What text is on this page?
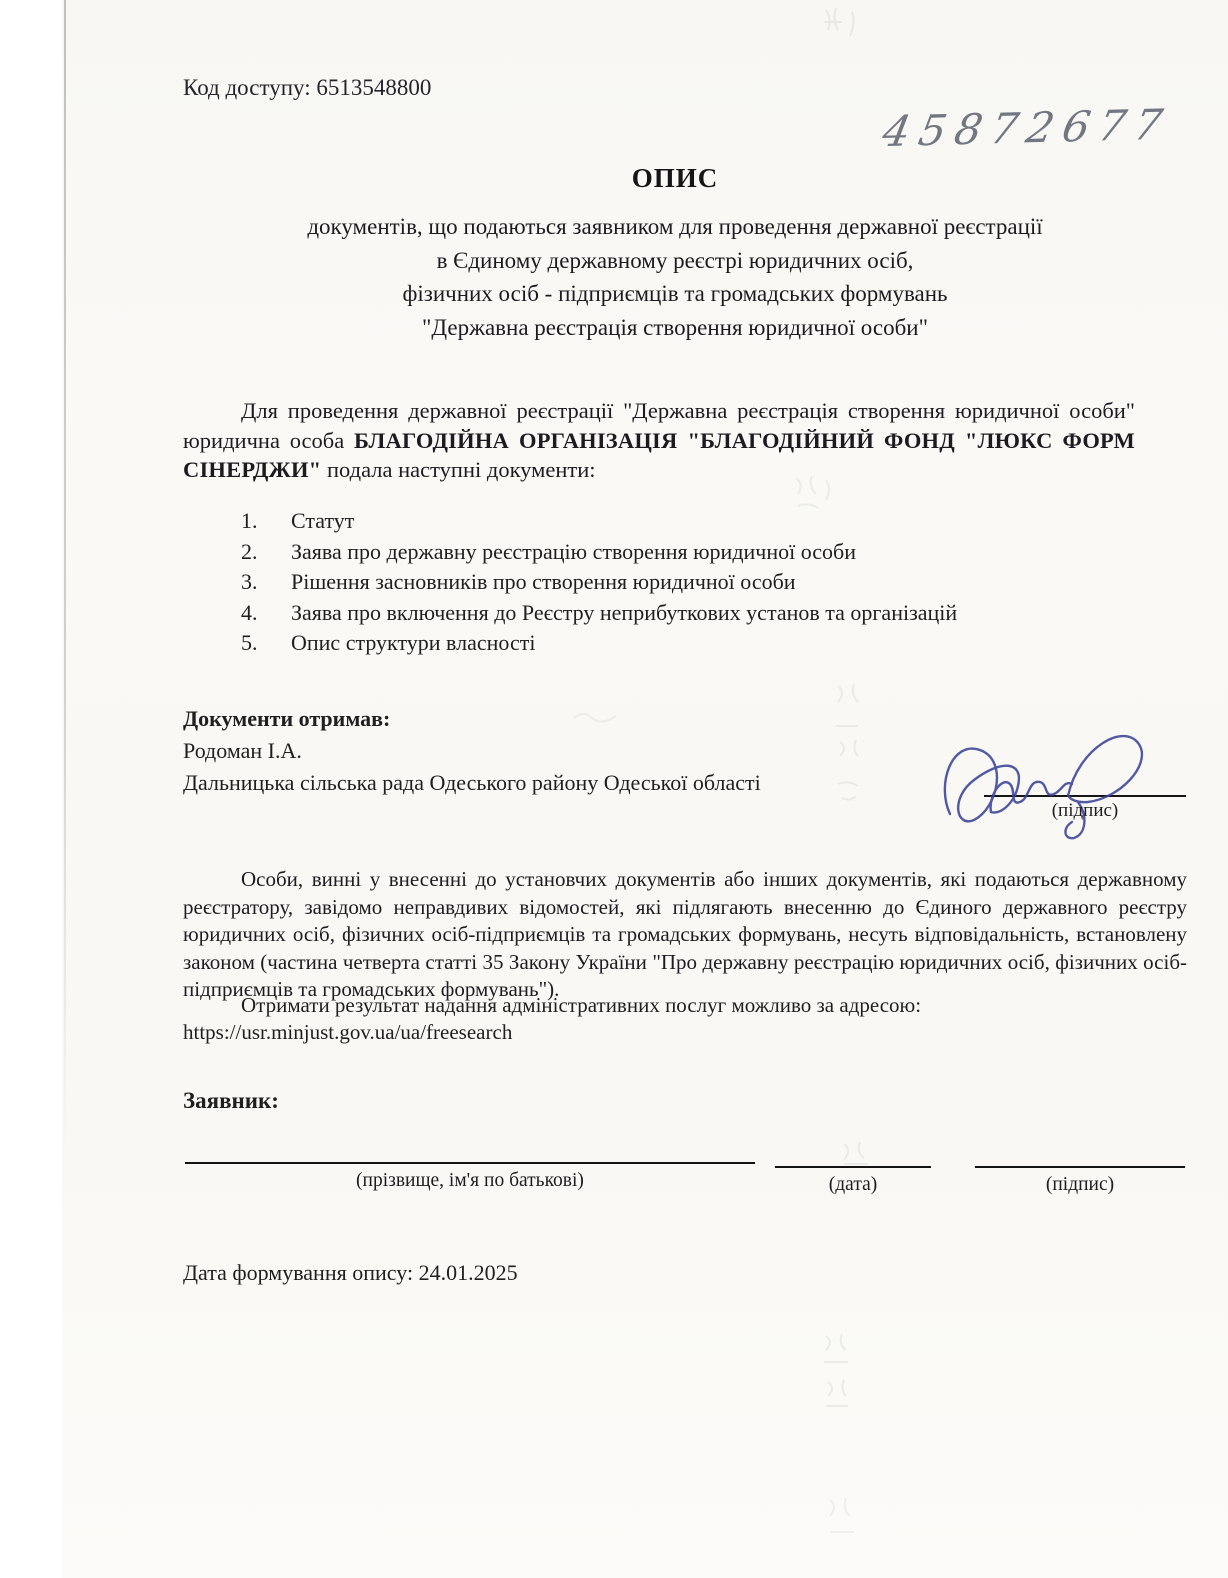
Код доступу: 6513548800
45872677
ОПИС
документів, що подаються заявником для проведення державної реєстрації
в Єдиному державному реєстрі юридичних осіб,
фізичних осіб - підприємців та громадських формувань
"Державна реєстрація створення юридичної особи"
Для проведення державної реєстрації "Державна реєстрація створення юридичної особи" юридична особа БЛАГОДІЙНА ОРГАНІЗАЦІЯ "БЛАГОДІЙНИЙ ФОНД "ЛЮКС ФОРМ СІНЕРДЖИ" подала наступні документи:
1.	Статут
2.	Заява про державну реєстрацію створення юридичної особи
3.	Рішення засновників про створення юридичної особи
4.	Заява про включення до Реєстру неприбуткових установ та організацій
5.	Опис структури власності
Документи отримав:
Родоман І.А.
Дальницька сільська рада Одеського району Одеської області
(підпис)
Особи, винні у внесенні до установчих документів або інших документів, які подаються державному реєстратору, завідомо неправдивих відомостей, які підлягають внесенню до Єдиного державного реєстру юридичних осіб, фізичних осіб-підприємців та громадських формувань, несуть відповідальність, встановлену законом (частина четверта статті 35 Закону України "Про державну реєстрацію юридичних осіб, фізичних осіб-підприємців та громадських формувань").
Отримати результат надання адміністративних послуг можливо за адресою:
https://usr.minjust.gov.ua/ua/freesearch
Заявник:
(прізвище, ім'я по батькові)	(дата)	(підпис)
Дата формування опису: 24.01.2025
